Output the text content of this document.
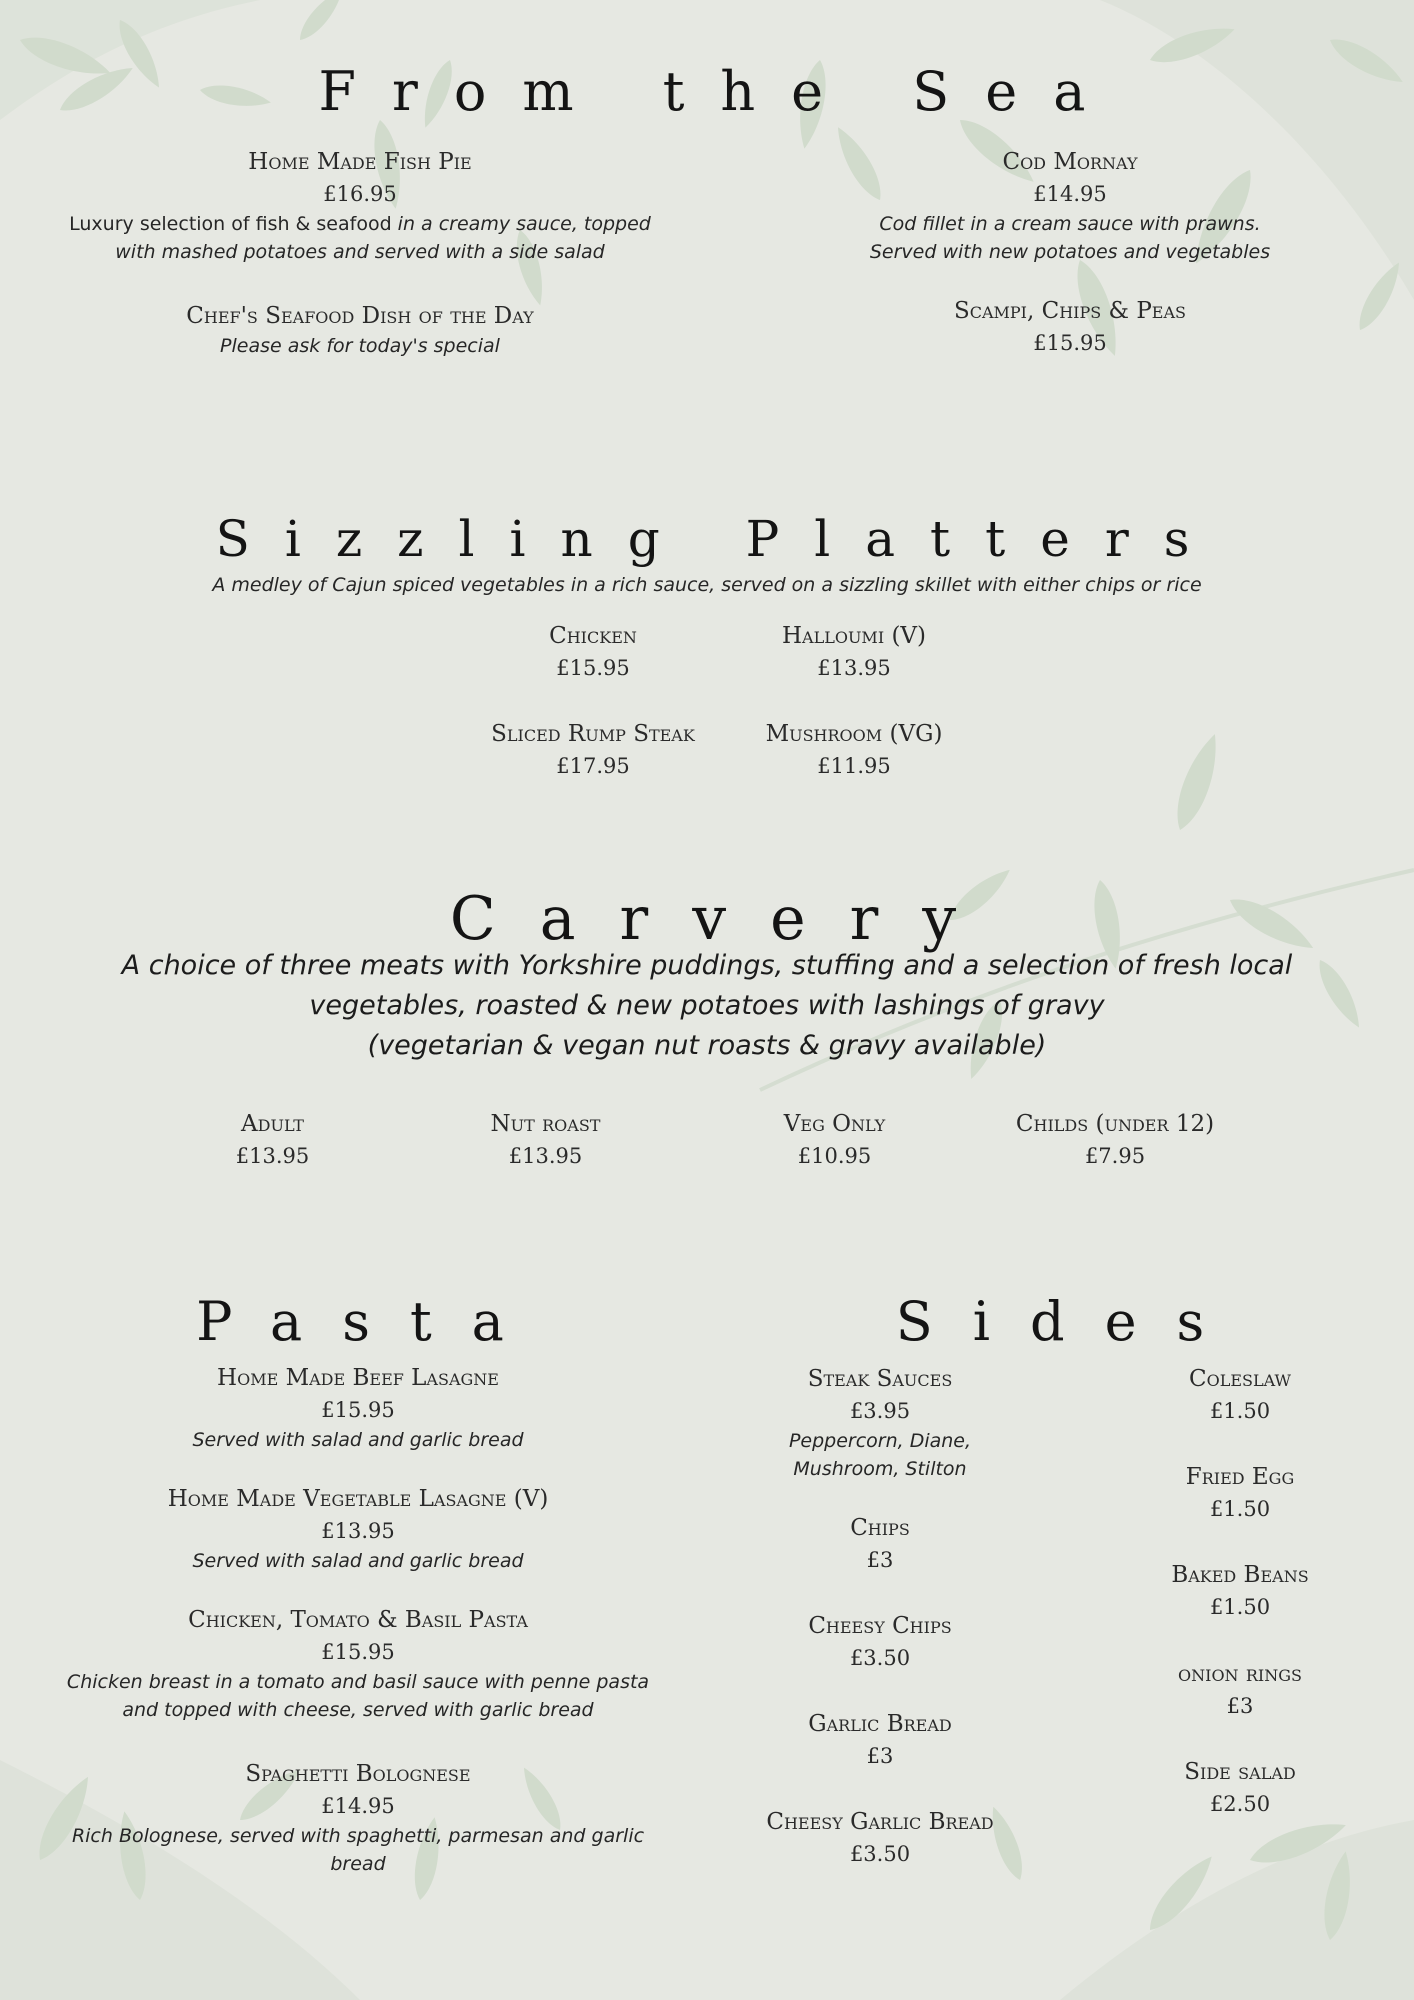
From the Sea
Home Made Fish Pie
£16.95
Luxury selection of fish & seafood in a creamy sauce, topped
with mashed potatoes and served with a side salad
Chef's Seafood Dish of the Day
Please ask for today's special
Cod Mornay
£14.95
Cod fillet in a cream sauce with prawns.
Served with new potatoes and vegetables
Scampi, Chips & Peas
£15.95
Sizzling Platters
A medley of Cajun spiced vegetables in a rich sauce, served on a sizzling skillet with either chips or rice
Chicken
£15.95
Halloumi (V)
£13.95
Sliced Rump Steak
£17.95
Mushroom (VG)
£11.95
Carvery
A choice of three meats with Yorkshire puddings, stuffing and a selection of fresh local
vegetables, roasted & new potatoes with lashings of gravy
(vegetarian & vegan nut roasts & gravy available)
Adult
£13.95
Nut roast
£13.95
Veg Only
£10.95
Childs (under 12)
£7.95
Pasta
Home Made Beef Lasagne
£15.95
Served with salad and garlic bread
Home Made Vegetable Lasagne (V)
£13.95
Served with salad and garlic bread
Chicken, Tomato & Basil Pasta
£15.95
Chicken breast in a tomato and basil sauce with penne pasta
and topped with cheese, served with garlic bread
Spaghetti Bolognese
£14.95
Rich Bolognese, served with spaghetti, parmesan and garlic
bread
Sides
Steak Sauces
£3.95
Peppercorn, Diane,
Mushroom, Stilton
Chips
£3
Cheesy Chips
£3.50
Garlic Bread
£3
Cheesy Garlic Bread
£3.50
Coleslaw
£1.50
Fried Egg
£1.50
Baked Beans
£1.50
onion rings
£3
Side salad
£2.50
